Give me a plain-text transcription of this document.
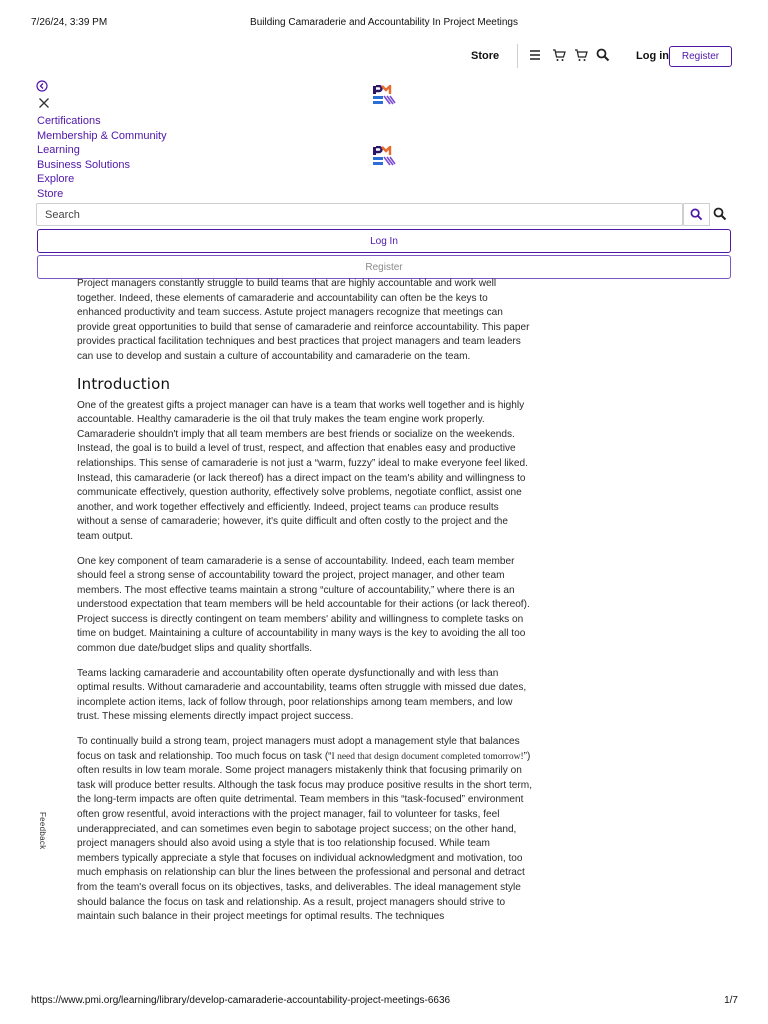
7/26/24, 3:39 PM	Building Camaraderie and Accountability In Project Meetings
Store	Log in	Register
Certifications
Membership & Community
Learning
Business Solutions
Explore
Store
Search
Log In
Register

Project managers constantly struggle to build teams that are highly accountable and work well together. Indeed, these elements of camaraderie and accountability can often be the keys to enhanced productivity and team success. Astute project managers recognize that meetings can provide great opportunities to build that sense of camaraderie and reinforce accountability. This paper provides practical facilitation techniques and best practices that project managers and team leaders can use to develop and sustain a culture of accountability and camaraderie on the team.

Introduction

One of the greatest gifts a project manager can have is a team that works well together and is highly accountable. Healthy camaraderie is the oil that truly makes the team engine work properly. Camaraderie shouldn't imply that all team members are best friends or socialize on the weekends. Instead, the goal is to build a level of trust, respect, and affection that enables easy and productive relationships. This sense of camaraderie is not just a “warm, fuzzy” ideal to make everyone feel liked. Instead, this camaraderie (or lack thereof) has a direct impact on the team's ability and willingness to communicate effectively, question authority, effectively solve problems, negotiate conflict, assist one another, and work together effectively and efficiently. Indeed, project teams can produce results without a sense of camaraderie; however, it's quite difficult and often costly to the project and the team output.

One key component of team camaraderie is a sense of accountability. Indeed, each team member should feel a strong sense of accountability toward the project, project manager, and other team members. The most effective teams maintain a strong “culture of accountability,” where there is an understood expectation that team members will be held accountable for their actions (or lack thereof). Project success is directly contingent on team members' ability and willingness to complete tasks on time on budget. Maintaining a culture of accountability in many ways is the key to avoiding the all too common due date/budget slips and quality shortfalls.

Teams lacking camaraderie and accountability often operate dysfunctionally and with less than optimal results. Without camaraderie and accountability, teams often struggle with missed due dates, incomplete action items, lack of follow through, poor relationships among team members, and low trust. These missing elements directly impact project success.

To continually build a strong team, project managers must adopt a management style that balances focus on task and relationship. Too much focus on task (“I need that design document completed tomorrow!”) often results in low team morale. Some project managers mistakenly think that focusing primarily on task will produce better results. Although the task focus may produce positive results in the short term, the long-term impacts are often quite detrimental. Team members in this “task-focused” environment often grow resentful, avoid interactions with the project manager, fail to volunteer for tasks, feel underappreciated, and can sometimes even begin to sabotage project success; on the other hand, project managers should also avoid using a style that is too relationship focused. While team members typically appreciate a style that focuses on individual acknowledgment and motivation, too much emphasis on relationship can blur the lines between the professional and personal and detract from the team's overall focus on its objectives, tasks, and deliverables. The ideal management style should balance the focus on task and relationship. As a result, project managers should strive to maintain such balance in their project meetings for optimal results. The techniques

Feedback
https://www.pmi.org/learning/library/develop-camaraderie-accountability-project-meetings-6636	1/7
